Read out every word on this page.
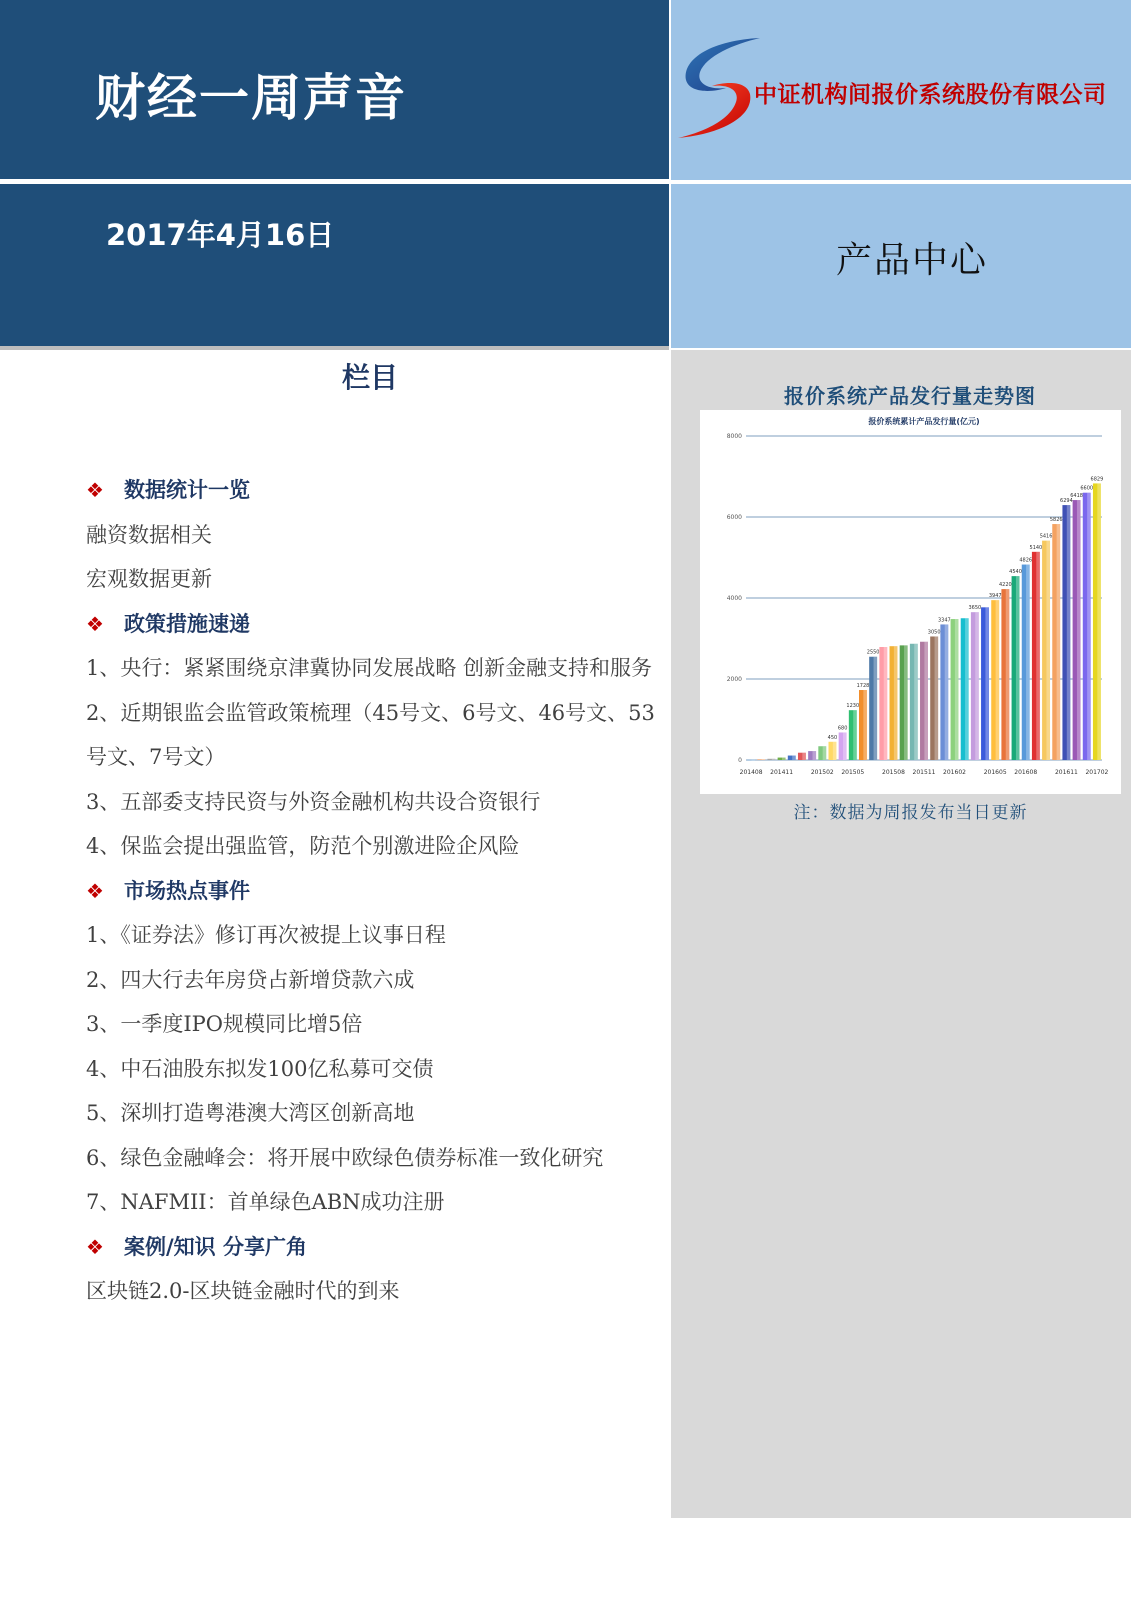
财经一周声音
2017年4月16日
产品中心
中证机构间报价系统股份有限公司
栏目
❖ 数据统计一览
融资数据相关
宏观数据更新
❖ 政策措施速递
1、央行：紧紧围绕京津冀协同发展战略 创新金融支持和服务
2、近期银监会监管政策梳理（45号文、6号文、46号文、53号文、7号文）
3、五部委支持民资与外资金融机构共设合资银行
4、保监会提出强监管，防范个别激进险企风险
❖ 市场热点事件
1、《证券法》修订再次被提上议事日程
2、四大行去年房贷占新增贷款六成
3、一季度IPO规模同比增5倍
4、中石油股东拟发100亿私募可交债
5、深圳打造粤港澳大湾区创新高地
6、绿色金融峰会：将开展中欧绿色债券标准一致化研究
7、NAFMII：首单绿色ABN成功注册
❖ 案例/知识 分享广角
区块链2.0-区块链金融时代的到来
报价系统产品发行量走势图
报价系统累计产品发行量(亿元)
0
2000
4000
6000
8000
450
680
1230
1728
2550
3050
3347
3650
3947
4220
4540
4826
5140
5416
5826
6294
6418
6600
6829
201408 201411	201502 201505	201508 201511 201602	201605 201608	201611 201702
注：数据为周报发布当日更新
